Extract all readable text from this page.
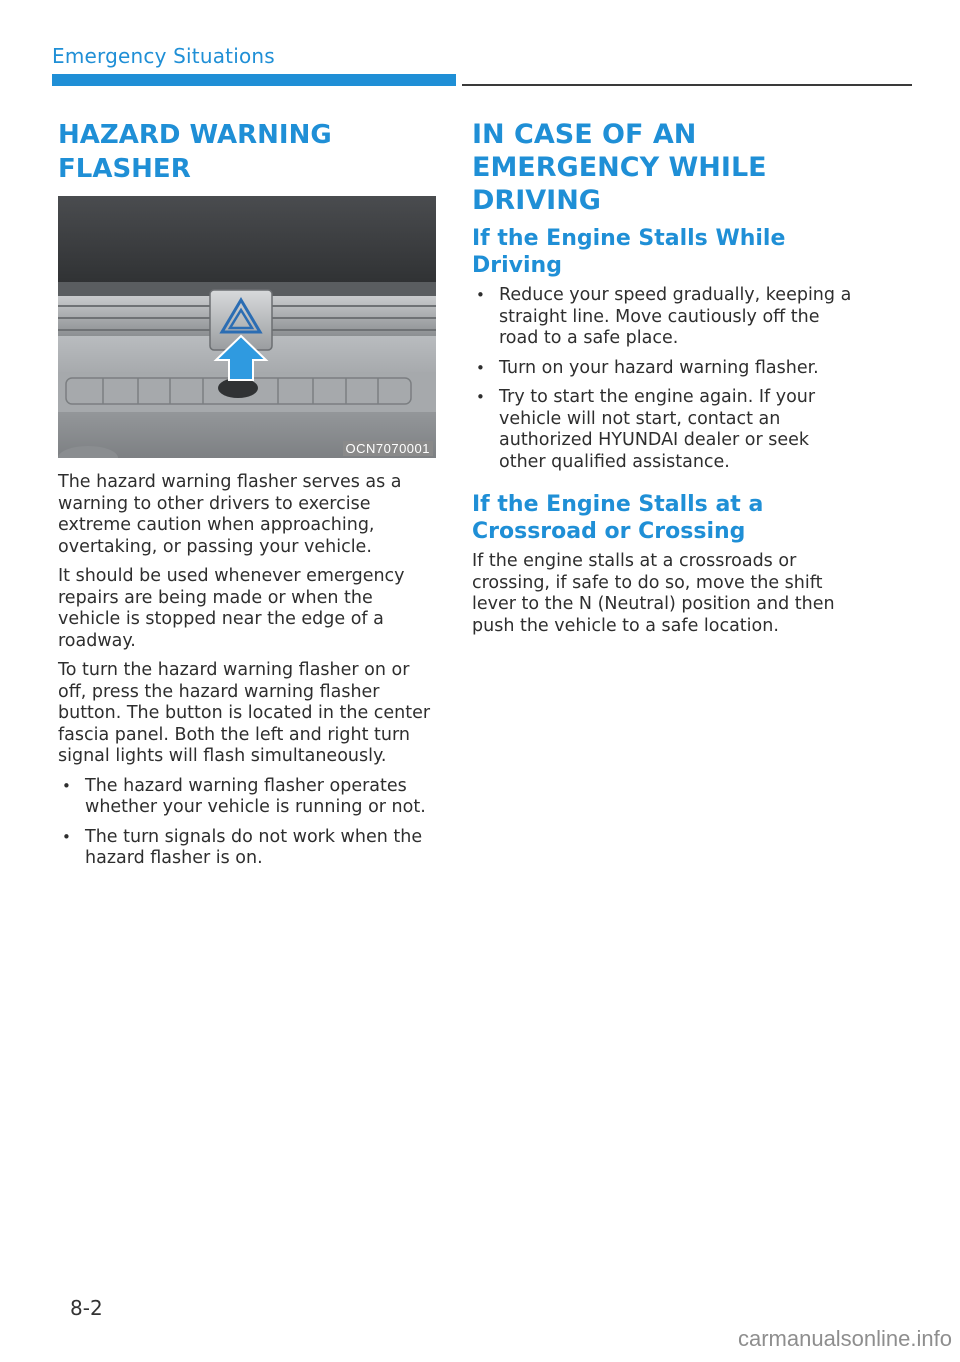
Emergency Situations
HAZARD WARNING FLASHER
OCN7070001

The hazard warning flasher serves as a warning to other drivers to exercise extreme caution when approaching, overtaking, or passing your vehicle.

It should be used whenever emergency repairs are being made or when the vehicle is stopped near the edge of a roadway.

To turn the hazard warning flasher on or off, press the hazard warning flasher button. The button is located in the center fascia panel. Both the left and right turn signal lights will flash simultaneously.

• The hazard warning flasher operates whether your vehicle is running or not.
• The turn signals do not work when the hazard flasher is on.
IN CASE OF AN EMERGENCY WHILE DRIVING
If the Engine Stalls While Driving
• Reduce your speed gradually, keeping a straight line. Move cautiously off the road to a safe place.
• Turn on your hazard warning flasher.
• Try to start the engine again. If your vehicle will not start, contact an authorized HYUNDAI dealer or seek other qualified assistance.
If the Engine Stalls at a Crossroad or Crossing

If the engine stalls at a crossroads or crossing, if safe to do so, move the shift lever to the N (Neutral) position and then push the vehicle to a safe location.

8-2
carmanualsonline.info
